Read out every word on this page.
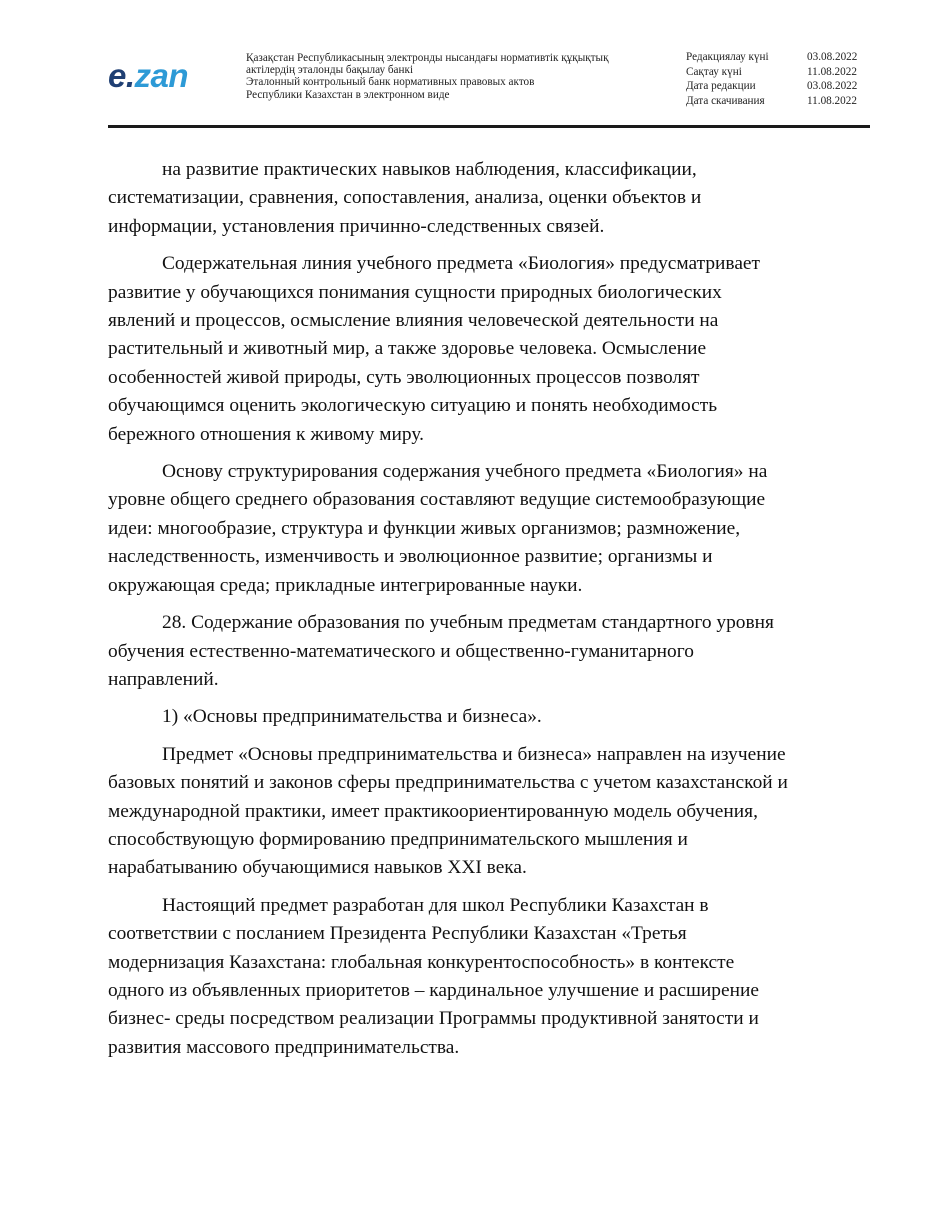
e.zan	Қазақстан Республикасының электронды нысандағы нормативтік құқықтық
актілердің эталонды бақылау банкі
Эталонный контрольный банк нормативных правовых актов
Республики Казахстан в электронном виде
Редакциялау күні	03.08.2022
Сақтау күні	11.08.2022
Дата редакции	03.08.2022
Дата скачивания	11.08.2022

на развитие практических навыков наблюдения, классификации,
систематизации, сравнения, сопоставления, анализа, оценки объектов и
информации, установления причинно-следственных связей.

Содержательная линия учебного предмета «Биология» предусматривает
развитие у обучающихся понимания сущности природных биологических
явлений и процессов, осмысление влияния человеческой деятельности на
растительный и животный мир, а также здоровье человека. Осмысление
особенностей живой природы, суть эволюционных процессов позволят
обучающимся оценить экологическую ситуацию и понять необходимость
бережного отношения к живому миру.

Основу структурирования содержания учебного предмета «Биология» на
уровне общего среднего образования составляют ведущие системообразующие
идеи: многообразие, структура и функции живых организмов; размножение,
наследственность, изменчивость и эволюционное развитие; организмы и
окружающая среда; прикладные интегрированные науки.

28. Содержание образования по учебным предметам стандартного уровня
обучения естественно-математического и общественно-гуманитарного
направлений.

1) «Основы предпринимательства и бизнеса».

Предмет «Основы предпринимательства и бизнеса» направлен на изучение
базовых понятий и законов сферы предпринимательства с учетом казахстанской и
международной практики, имеет практикоориентированную модель обучения,
способствующую формированию предпринимательского мышления и
нарабатыванию обучающимися навыков XXI века.

Настоящий предмет разработан для школ Республики Казахстан в
соответствии с посланием Президента Республики Казахстан «Третья
модернизация Казахстана: глобальная конкурентоспособность» в контексте
одного из объявленных приоритетов – кардинальное улучшение и расширение
бизнес- среды посредством реализации Программы продуктивной занятости и
развития массового предпринимательства.
